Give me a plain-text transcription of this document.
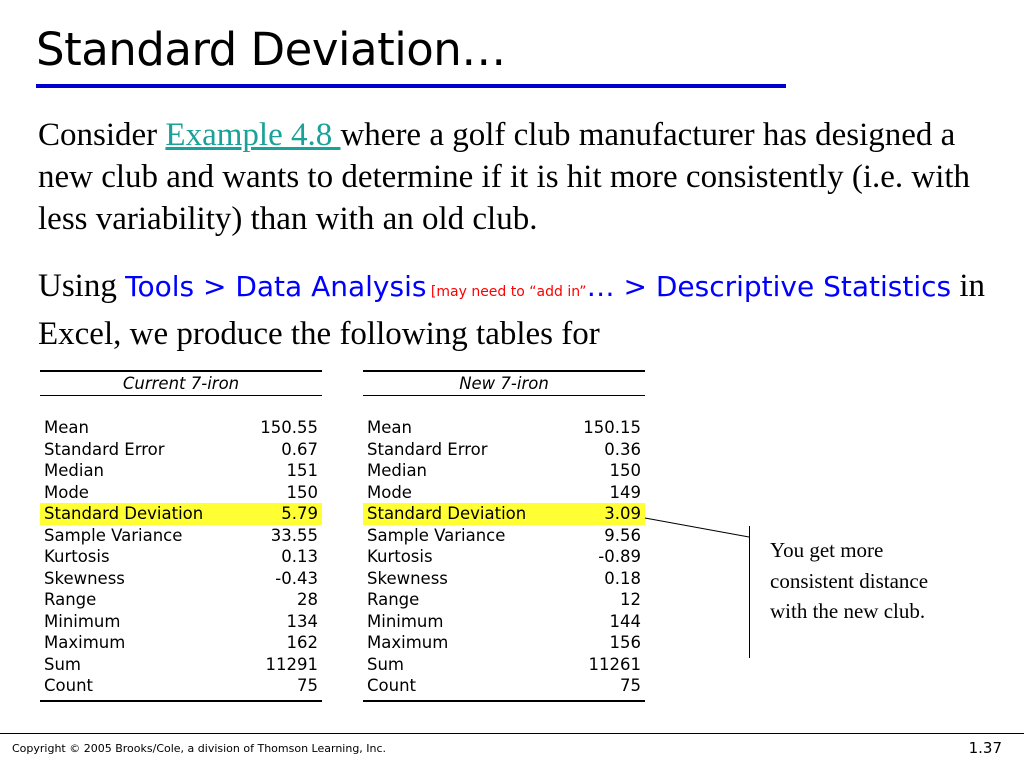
Standard Deviation…
Consider Example 4.8 where a golf club manufacturer has designed a new club and wants to determine if it is hit more consistently (i.e. with less variability) than with an old club.
Using Tools > Data Analysis [may need to “add in”… > Descriptive Statistics in Excel, we produce the following tables for
Current 7-iron
Mean	150.55
Standard Error	0.67
Median	151
Mode	150
Standard Deviation	5.79
Sample Variance	33.55
Kurtosis	0.13
Skewness	-0.43
Range	28
Minimum	134
Maximum	162
Sum	11291
Count	75
New 7-iron
Mean	150.15
Standard Error	0.36
Median	150
Mode	149
Standard Deviation	3.09
Sample Variance	9.56
Kurtosis	-0.89
Skewness	0.18
Range	12
Minimum	144
Maximum	156
Sum	11261
Count	75
You get more consistent distance with the new club.
Copyright © 2005 Brooks/Cole, a division of Thomson Learning, Inc.	1.37
